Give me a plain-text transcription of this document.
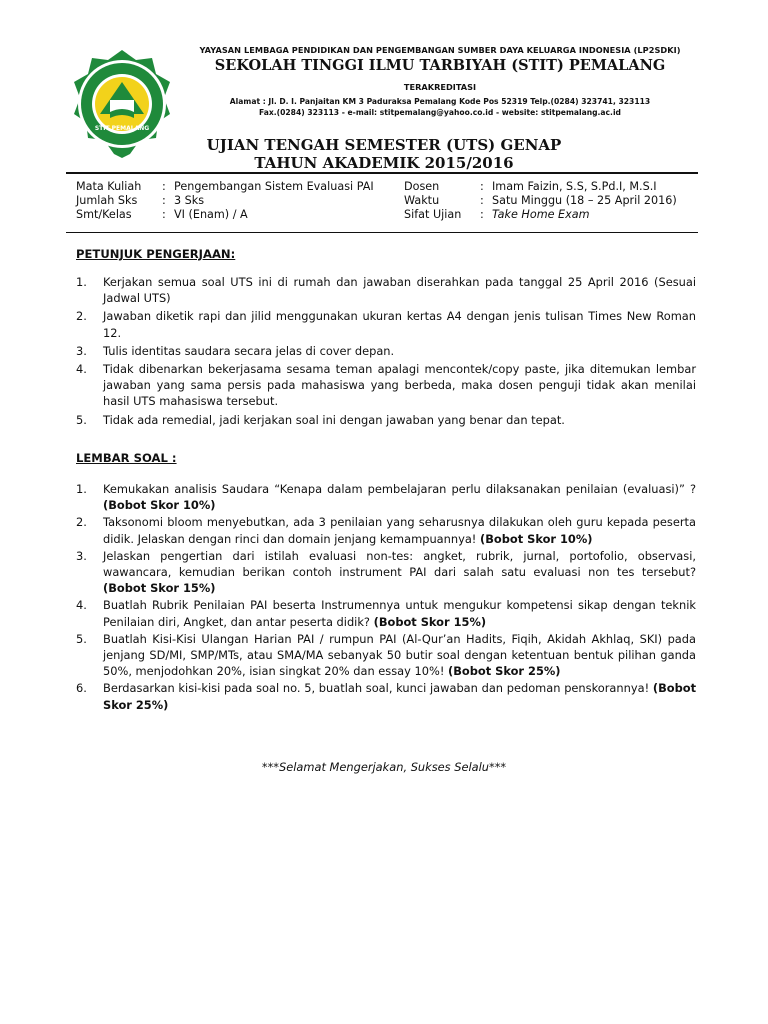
STIT PEMALANG
YAYASAN LEMBAGA PENDIDIKAN DAN PENGEMBANGAN SUMBER DAYA KELUARGA INDONESIA (LP2SDKI)
SEKOLAH TINGGI ILMU TARBIYAH (STIT) PEMALANG
TERAKREDITASI
Alamat : Jl. D. I. Panjaitan KM 3 Paduraksa Pemalang Kode Pos 52319 Telp.(0284) 323741, 323113
Fax.(0284) 323113 - e-mail: stitpemalang@yahoo.co.id - website: stitpemalang.ac.id
UJIAN TENGAH SEMESTER (UTS) GENAP
TAHUN AKADEMIK 2015/2016
Mata Kuliah : Pengembangan Sistem Evaluasi PAI
Jumlah Sks : 3 Sks
Smt/Kelas	: VI (Enam) / A
Dosen	: Imam Faizin, S.S, S.Pd.I, M.S.I
Waktu	: Satu Minggu (18 – 25 April 2016)
Sifat Ujian : Take Home Exam
PETUNJUK PENGERJAAN:
1. Kerjakan semua soal UTS ini di rumah dan jawaban diserahkan pada tanggal 25 April 2016 (Sesuai Jadwal UTS)
2. Jawaban diketik rapi dan jilid menggunakan ukuran kertas A4 dengan jenis tulisan Times New Roman 12.
3. Tulis identitas saudara secara jelas di cover depan.
4. Tidak dibenarkan bekerjasama sesama teman apalagi mencontek/copy paste, jika ditemukan lembar jawaban yang sama persis pada mahasiswa yang berbeda, maka dosen penguji tidak akan menilai hasil UTS mahasiswa tersebut.
5. Tidak ada remedial, jadi kerjakan soal ini dengan jawaban yang benar dan tepat.
LEMBAR SOAL :
1. Kemukakan analisis Saudara “Kenapa dalam pembelajaran perlu dilaksanakan penilaian (evaluasi)” ? (Bobot Skor 10%)
2. Taksonomi bloom menyebutkan, ada 3 penilaian yang seharusnya dilakukan oleh guru kepada peserta didik. Jelaskan dengan rinci dan domain jenjang kemampuannya! (Bobot Skor 10%)
3. Jelaskan pengertian dari istilah evaluasi non-tes: angket, rubrik, jurnal, portofolio, observasi, wawancara, kemudian berikan contoh instrument PAI dari salah satu evaluasi non tes tersebut? (Bobot Skor 15%)
4. Buatlah Rubrik Penilaian PAI beserta Instrumennya untuk mengukur kompetensi sikap dengan teknik Penilaian diri, Angket, dan antar peserta didik? (Bobot Skor 15%)
5. Buatlah Kisi-Kisi Ulangan Harian PAI / rumpun PAI (Al-Qur’an Hadits, Fiqih, Akidah Akhlaq, SKI) pada jenjang SD/MI, SMP/MTs, atau SMA/MA sebanyak 50 butir soal dengan ketentuan bentuk pilihan ganda 50%, menjodohkan 20%, isian singkat 20% dan essay 10%! (Bobot Skor 25%)
6. Berdasarkan kisi-kisi pada soal no. 5, buatlah soal, kunci jawaban dan pedoman penskorannya! (Bobot Skor 25%)
***Selamat Mengerjakan, Sukses Selalu***
